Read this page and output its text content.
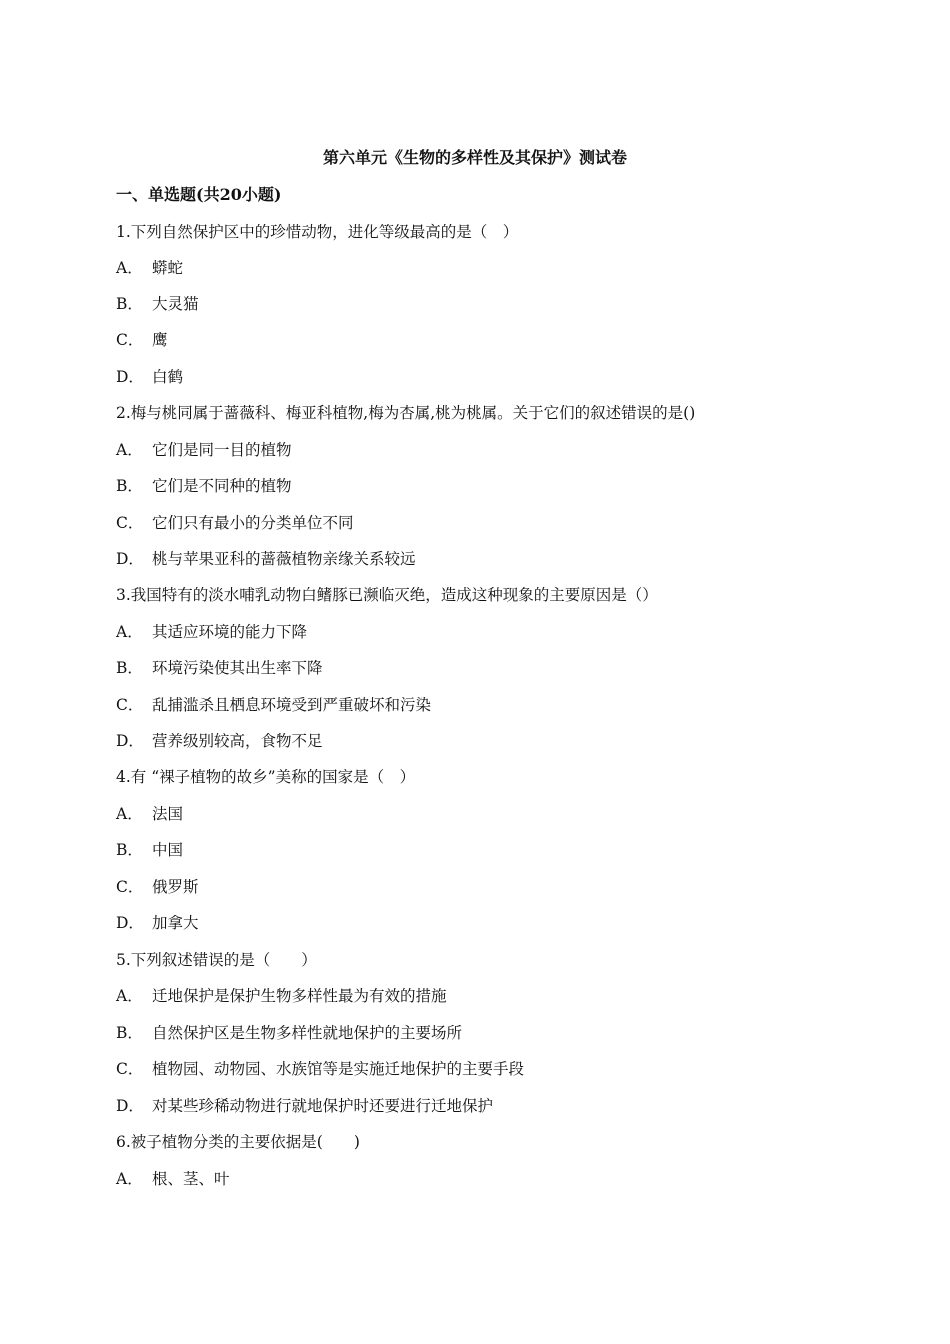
第六单元《生物的多样性及其保护》测试卷
一、单选题(共20小题)
1.下列自然保护区中的珍惜动物，进化等级最高的是（　）
A． 蟒蛇
B． 大灵猫
C． 鹰
D． 白鹤
2.梅与桃同属于蔷薇科、梅亚科植物,梅为杏属,桃为桃属。关于它们的叙述错误的是()
A． 它们是同一目的植物
B． 它们是不同种的植物
C． 它们只有最小的分类单位不同
D． 桃与苹果亚科的蔷薇植物亲缘关系较远
3.我国特有的淡水哺乳动物白鳍豚已濒临灭绝，造成这种现象的主要原因是（）
A． 其适应环境的能力下降
B． 环境污染使其出生率下降
C． 乱捕滥杀且栖息环境受到严重破坏和污染
D． 营养级别较高，食物不足
4.有 “裸子植物的故乡”美称的国家是（　）
A． 法国
B． 中国
C． 俄罗斯
D． 加拿大
5.下列叙述错误的是（　　）
A． 迁地保护是保护生物多样性最为有效的措施
B． 自然保护区是生物多样性就地保护的主要场所
C． 植物园、动物园、水族馆等是实施迁地保护的主要手段
D． 对某些珍稀动物进行就地保护时还要进行迁地保护
6.被子植物分类的主要依据是(　　)
A． 根、茎、叶
